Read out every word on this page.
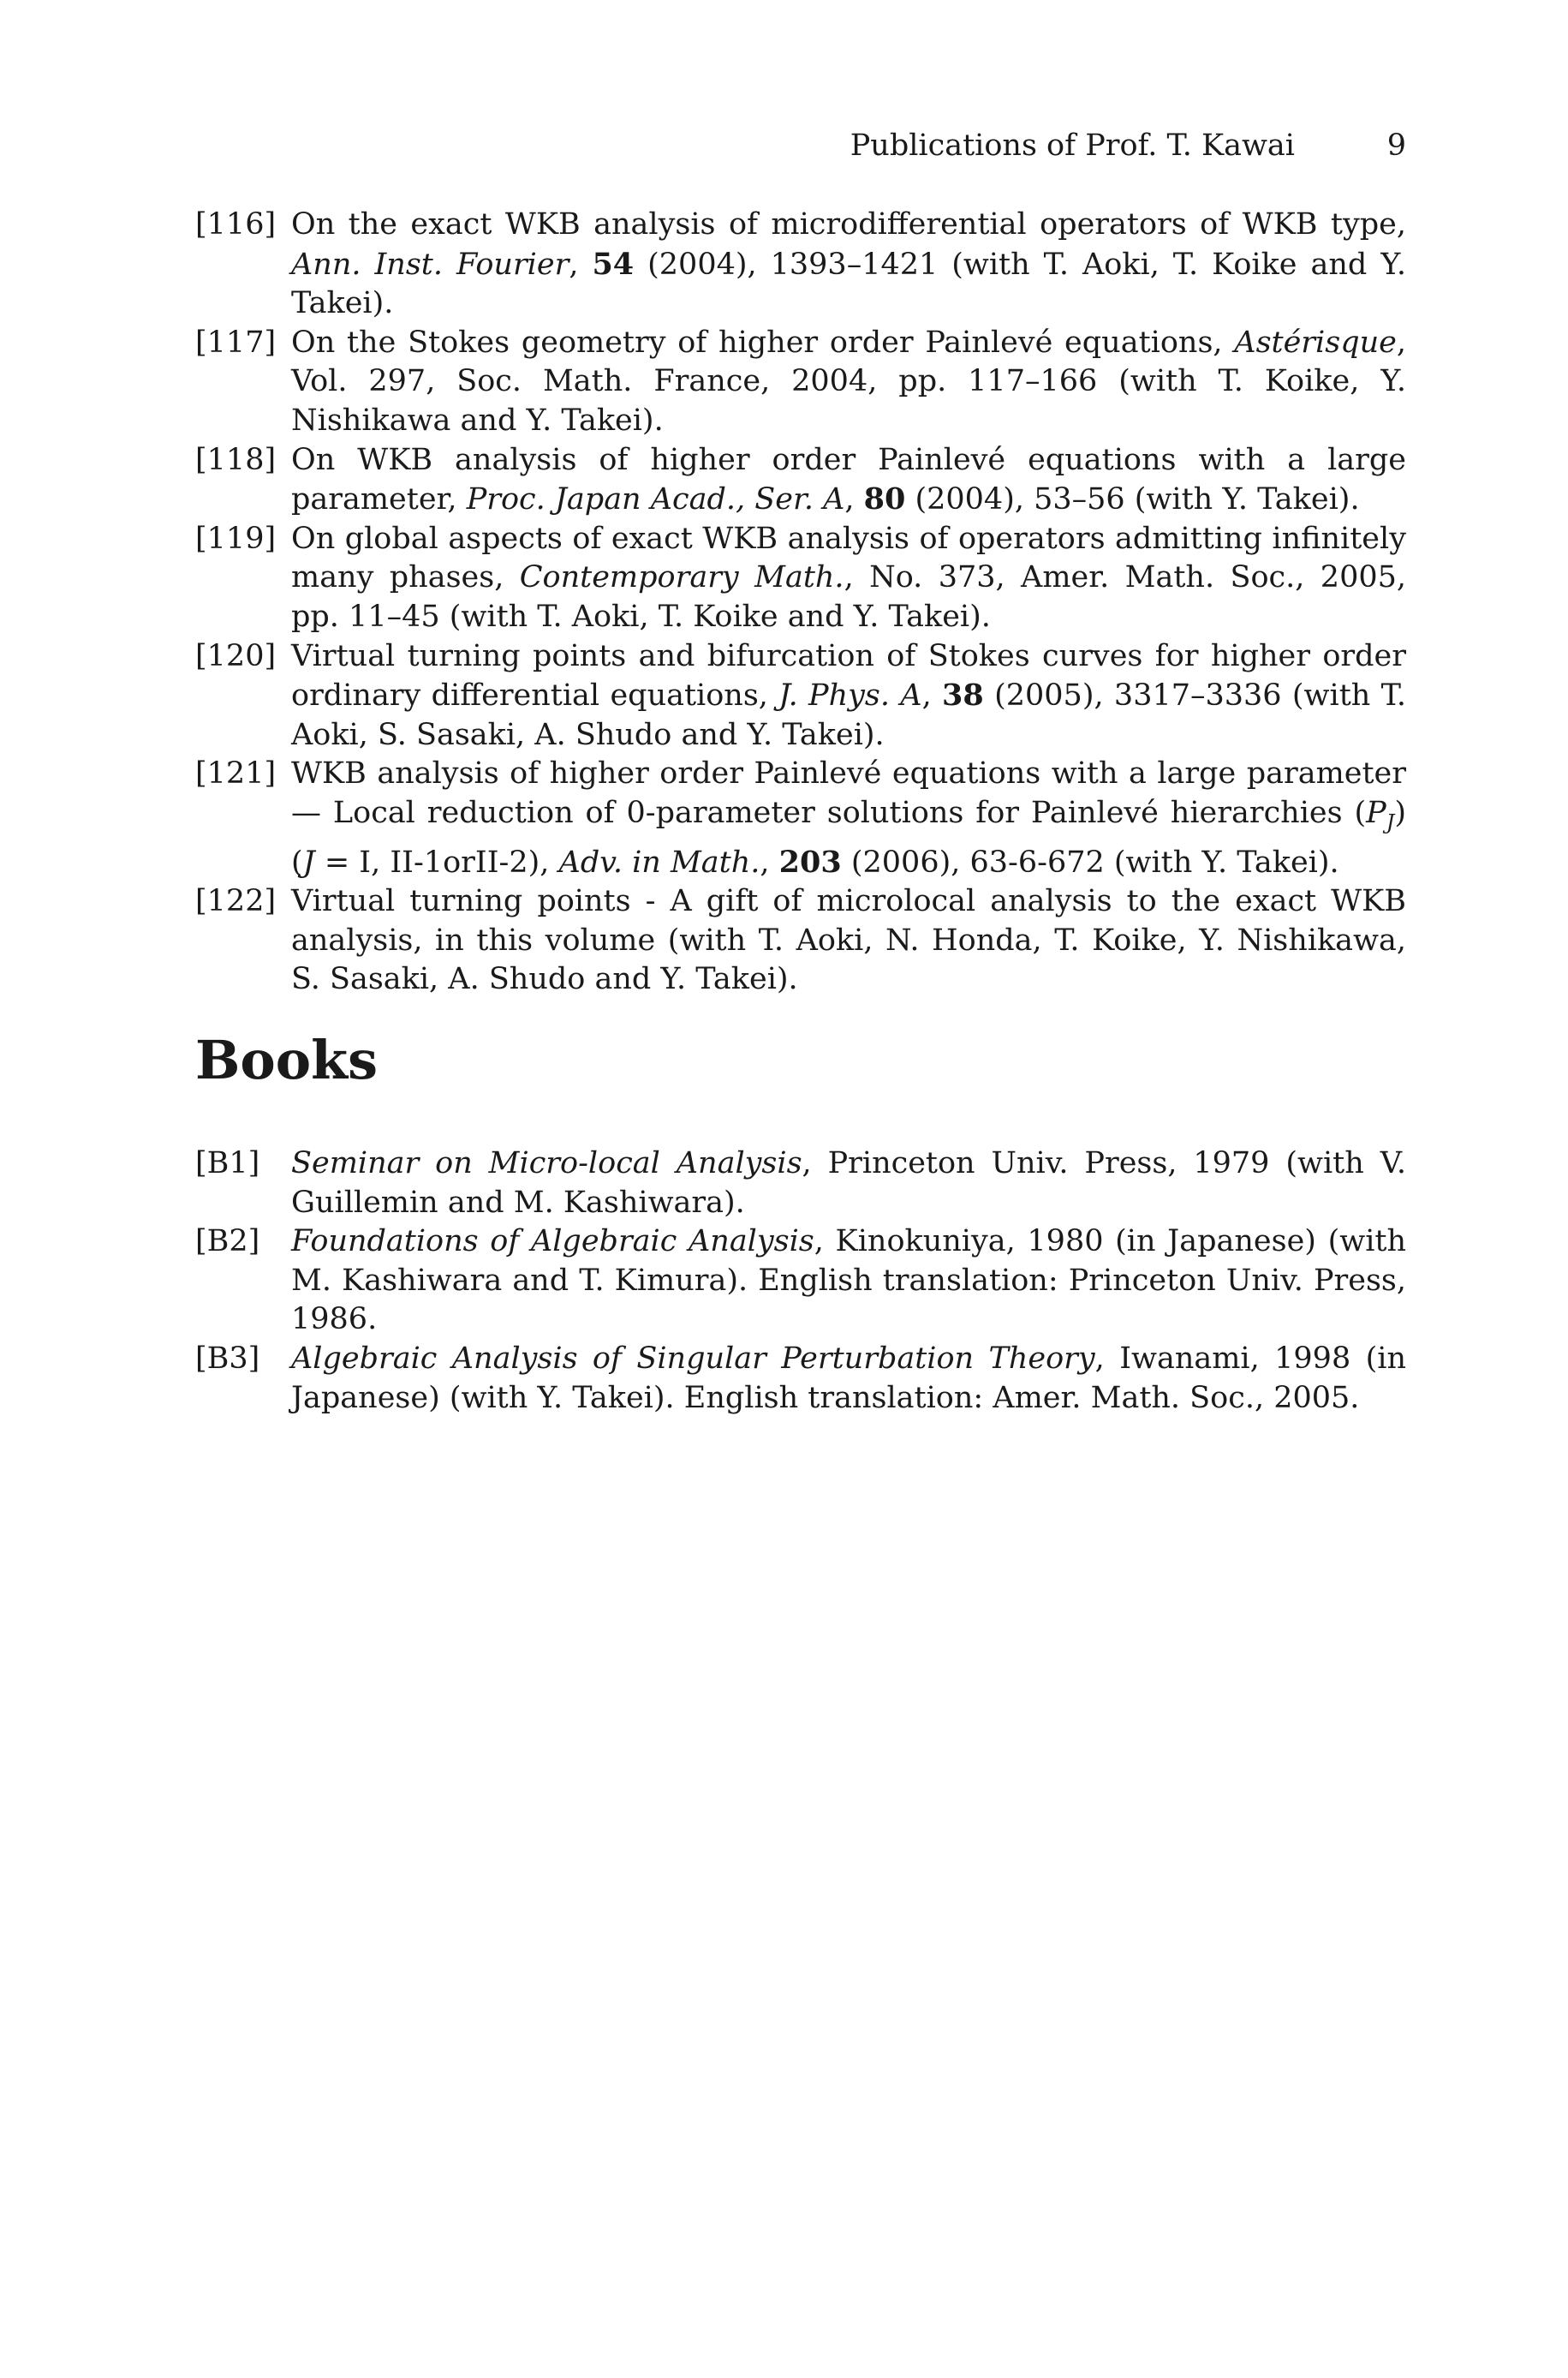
Publications of Prof. T. Kawai	9
[116] On the exact WKB analysis of microdifferential operators of WKB type, Ann. Inst. Fourier, 54 (2004), 1393–1421 (with T. Aoki, T. Koike and Y. Takei).
[117] On the Stokes geometry of higher order Painlevé equations, Astérisque, Vol. 297, Soc. Math. France, 2004, pp. 117–166 (with T. Koike, Y. Nishikawa and Y. Takei).
[118] On WKB analysis of higher order Painlevé equations with a large parameter, Proc. Japan Acad., Ser. A, 80 (2004), 53–56 (with Y. Takei).
[119] On global aspects of exact WKB analysis of operators admitting infinitely many phases, Contemporary Math., No. 373, Amer. Math. Soc., 2005, pp. 11–45 (with T. Aoki, T. Koike and Y. Takei).
[120] Virtual turning points and bifurcation of Stokes curves for higher order ordinary differential equations, J. Phys. A, 38 (2005), 3317–3336 (with T. Aoki, S. Sasaki, A. Shudo and Y. Takei).
[121] WKB analysis of higher order Painlevé equations with a large parameter — Local reduction of 0-parameter solutions for Painlevé hierarchies $(P_J) (J = I$, II-1orII-2), Adv. in Math., 203 (2006), 63-6-672 (with Y. Takei).
[122] Virtual turning points - A gift of microlocal analysis to the exact WKB analysis, in this volume (with T. Aoki, N. Honda, T. Koike, Y. Nishikawa, S. Sasaki, A. Shudo and Y. Takei).
Books
[B1]	Seminar on Micro-local Analysis, Princeton Univ. Press, 1979 (with V. Guillemin and M. Kashiwara).
[B2]	Foundations of Algebraic Analysis, Kinokuniya, 1980 (in Japanese) (with M. Kashiwara and T. Kimura). English translation: Princeton Univ. Press, 1986.
[B3]	Algebraic Analysis of Singular Perturbation Theory, Iwanami, 1998 (in Japanese) (with Y. Takei). English translation: Amer. Math. Soc., 2005.
